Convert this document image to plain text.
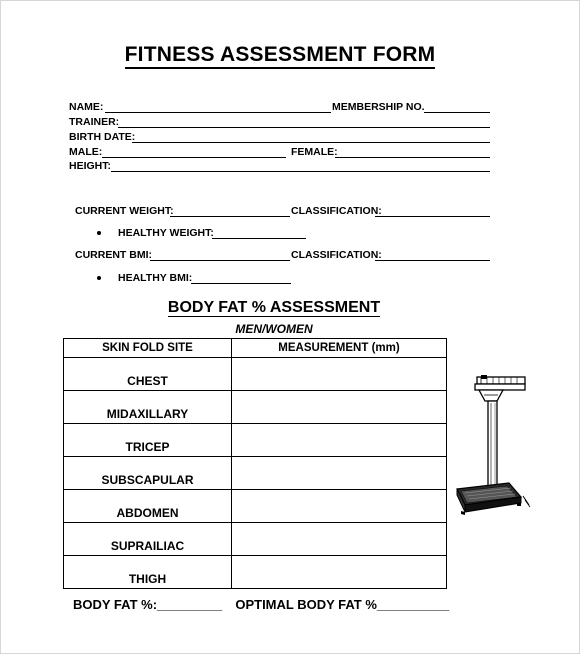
FITNESS ASSESSMENT FORM
NAME:	MEMBERSHIP NO.
TRAINER:
BIRTH DATE:
MALE:	FEMALE:
HEIGHT:
CURRENT WEIGHT:	CLASSIFICATION:
HEALTHY WEIGHT:
CURRENT BMI:	CLASSIFICATION:
HEALTHY BMI:
BODY FAT % ASSESSMENT
MEN/WOMEN
SKIN FOLD SITE	MEASUREMENT (mm)
CHEST	
MIDAXILLARY	
TRICEP	
SUBSCAPULAR	
ABDOMEN	
SUPRAILIAC	
THIGH	
BODY FAT %:_________ OPTIMAL BODY FAT %__________
